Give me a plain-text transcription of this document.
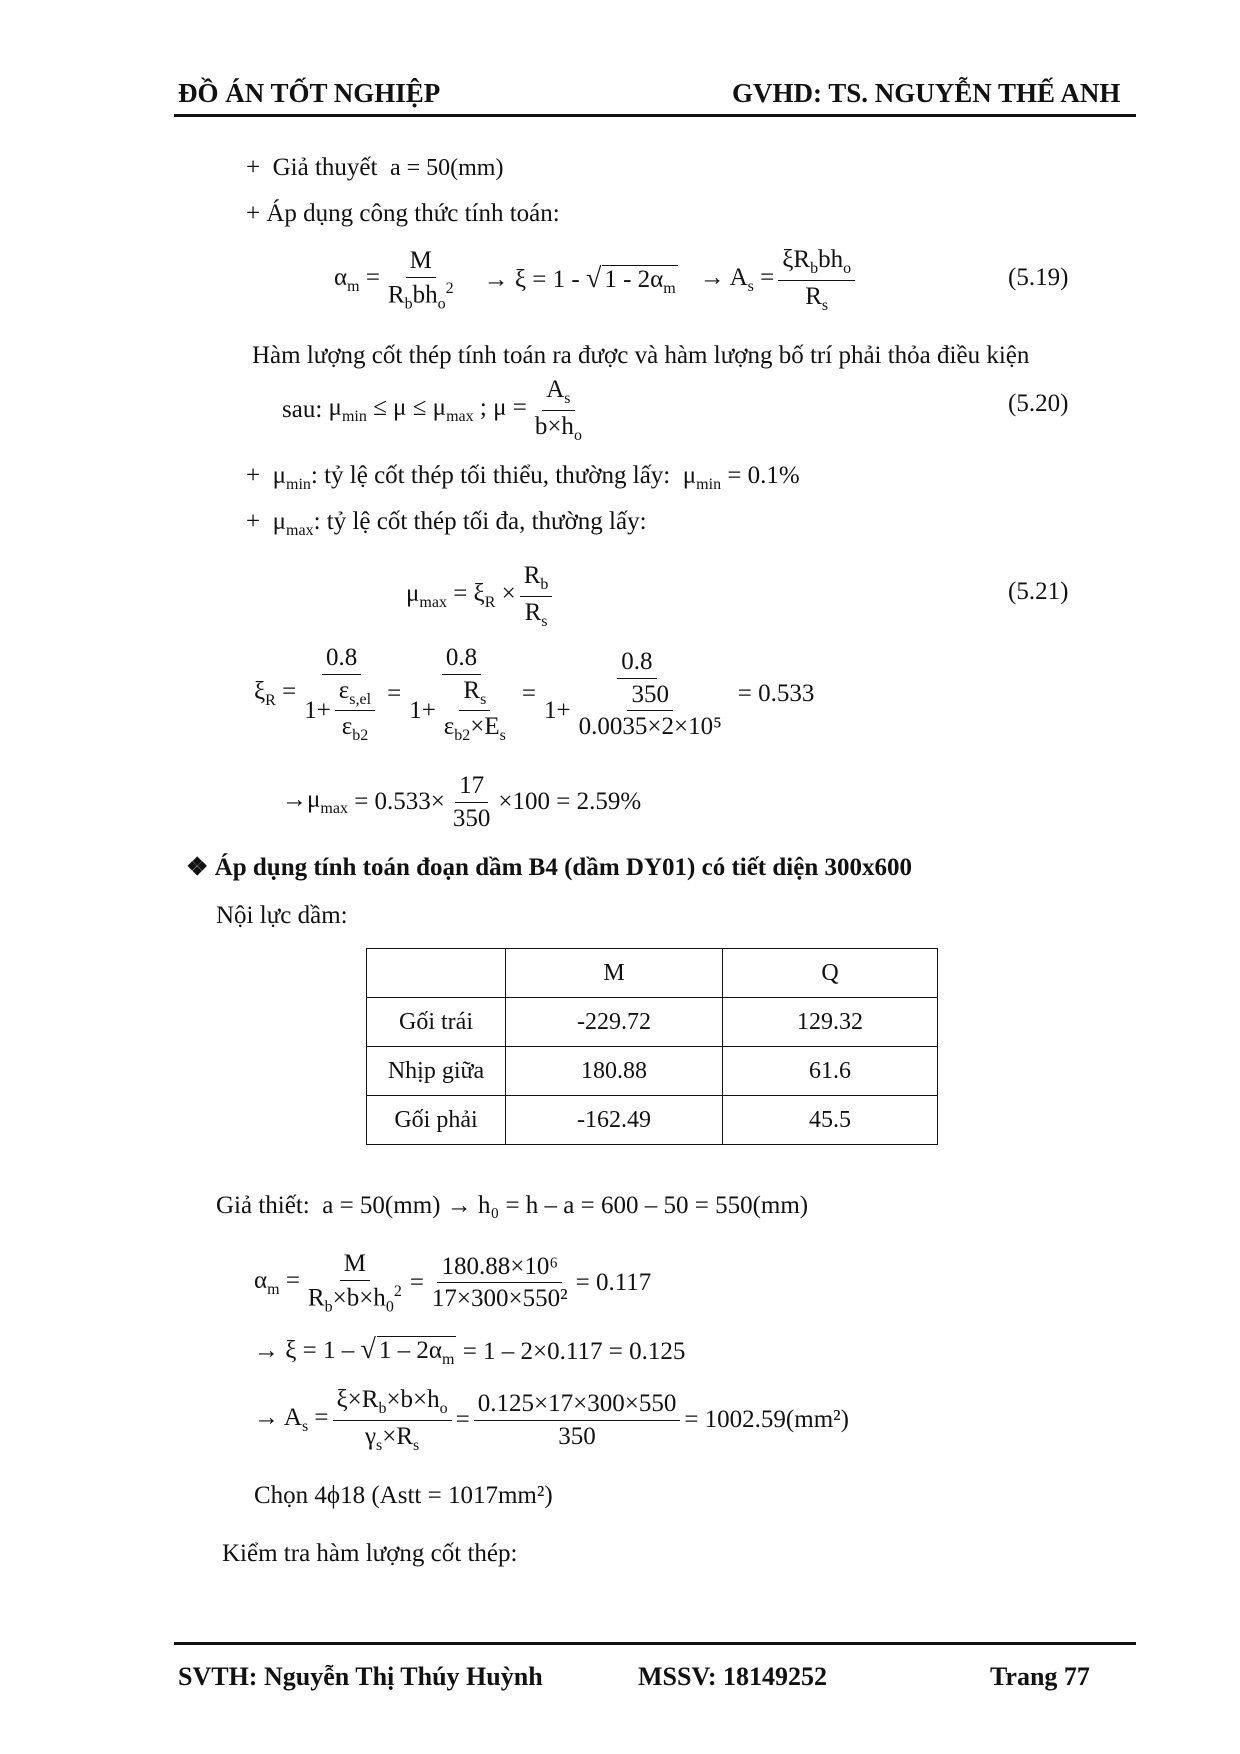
ĐỒ ÁN TỐT NGHIỆP	GVHD: TS. NGUYỄN THẾ ANH
+ Giả thuyết a = 50(mm)
+ Áp dụng công thức tính toán:
$\alpha_m = \frac{M}{R_bbh_o^2} \to \xi = 1$ - √ $1 - 2\alpha_m \to A_s = \frac{\xi R_bbh_o}{R_s}$	(5.19)
Hàm lượng cốt thép tính toán ra được và hàm lượng bố trí phải thỏa điều kiện
sau:
$\mu_{min} \le \mu \le \mu_{max}$ ; $\mu = \frac{A_s}{b\times h_o}$	(5.20)
+  $\mu_{min}$: tỷ lệ cốt thép tối thiểu, thường lấy:  $\mu_{min} = 0.1\%$
+  $\mu_{max}$: tỷ lệ cốt thép tối đa, thường lấy:
$\mu_{max} = \xi_R \times \frac{R_b}{R_s}$	(5.21)
$\xi_R = \frac{0.8}{1+ \frac{\varepsilon_{s,el}}{\varepsilon_{b2}}} = \frac{0.8}{1+ \frac{R_s}{\varepsilon_{b2}\times E_s}} = \frac{0.8}{1+ \frac{350}{\text{0.0035×2×10⁵}}} = 0.533$
$\to\mu_{max}$
= $0.533\times \frac{17}{350} \times 100 = 2.59\%$
❖ Áp dụng tính toán đoạn dầm B4 (dầm DY01) có tiết diện 300x600
Nội lực dầm:
	M	Q
Gối trái	-229.72	129.32
Nhịp giữa	180.88	61.6
Gối phải	-162.49	45.5
Giả thiết: a = 50(mm) → h₀ = h – a = 600 – 50 = 550(mm)
$\alpha_m = \frac{M}{R_b\times b\times h_0^2} = \frac{\text{180.88×10⁶}}{\text{17×300×550²}} = 0.117$
→ ξ = 1 – √ $1 - 2\alpha_m$
= 1 – 2×0.117
= 0.125
→ $A_s = \frac{\xi\times R_b\times b\times h_o}{\gamma_s\times R_s} = \frac{0.125\times 17\times 300\times 550}{350} = 1002.59(mm^2)$
Chọn 4ϕ18 (Astt = 1017mm²)
Kiểm tra hàm lượng cốt thép:
SVTH: Nguyễn Thị Thúy Huỳnh	MSSV: 18149252	Trang 77
